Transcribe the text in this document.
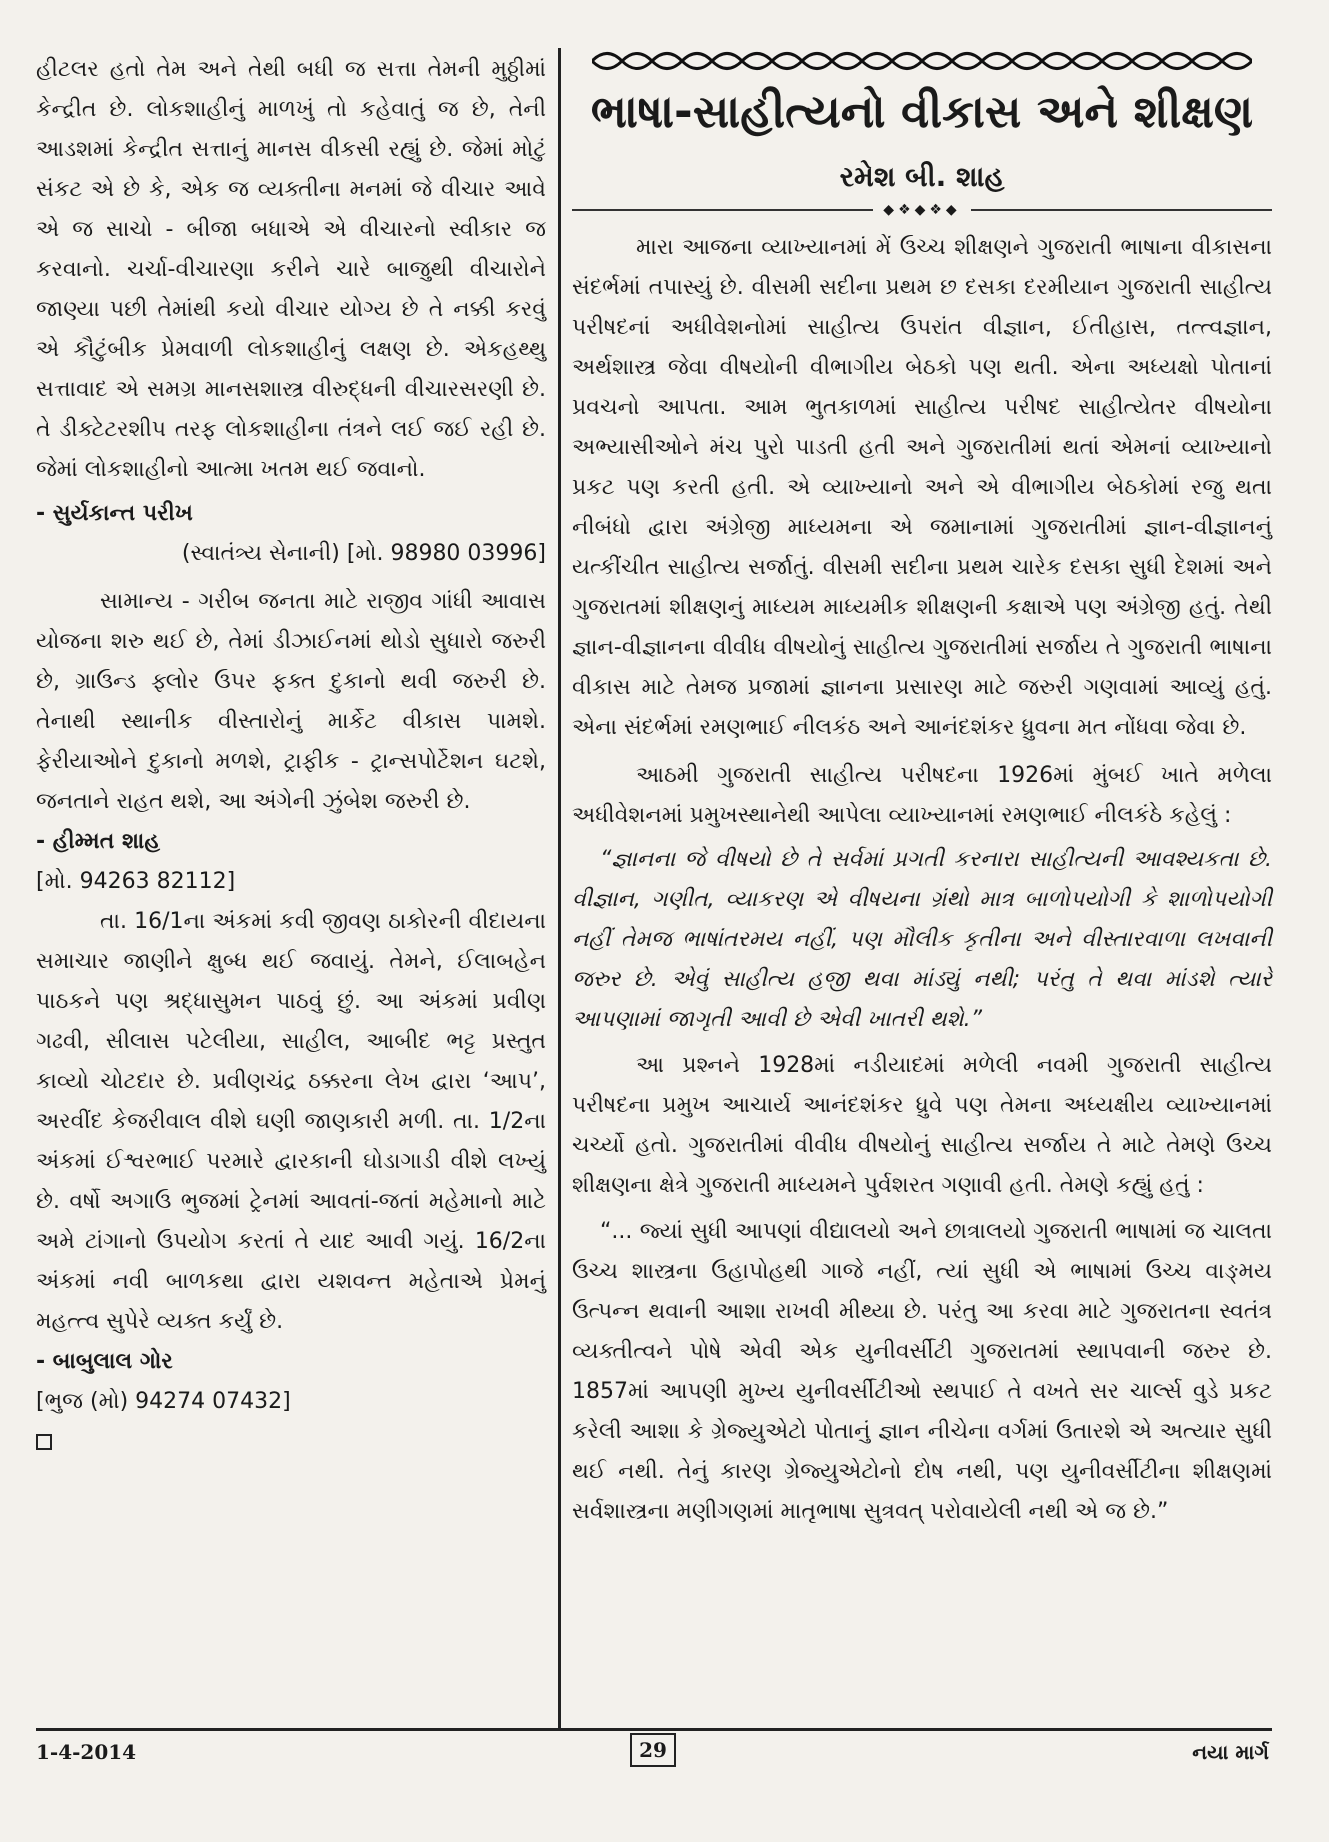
હીટલર હતો તેમ અને તેથી બધી જ સત્તા તેમની મુઠ્ઠીમાં કેન્દ્રીત છે. લોકશાહીનું માળખું તો કહેવાતું જ છે, તેની આડશમાં કેન્દ્રીત સત્તાનું માનસ વીકસી રહ્યું છે. જેમાં મોટું સંકટ એ છે કે, એક જ વ્યક્તીના મનમાં જે વીચાર આવે એ જ સાચો - બીજા બધાએ એ વીચારનો સ્વીકાર જ કરવાનો. ચર્ચા-વીચારણા કરીને ચારે બાજુથી વીચારોને જાણ્યા પછી તેમાંથી કયો વીચાર યોગ્ય છે તે નક્કી કરવું એ કૌટુંબીક પ્રેમવાળી લોકશાહીનું લક્ષણ છે. એકહથ્થુ સત્તાવાદ એ સમગ્ર માનસશાસ્ત્ર વીરુદ્ધની વીચારસરણી છે. તે ડીક્ટેટરશીપ તરફ લોકશાહીના તંત્રને લઈ જઈ રહી છે. જેમાં લોકશાહીનો આત્મા ખતમ થઈ જવાનો.

- સુર્યકાન્ત પરીખ

(સ્વાતંત્ર્ય સેનાની) [મો. 98980 03996]

સામાન્ય - ગરીબ જનતા માટે રાજીવ ગાંધી આવાસ યોજના શરુ થઈ છે, તેમાં ડીઝાઈનમાં થોડો સુધારો જરુરી છે, ગ્રાઉન્ડ ફ્લોર ઉપર ફક્ત દુકાનો થવી જરુરી છે. તેનાથી સ્થાનીક વીસ્તારોનું માર્કેટ વીકાસ પામશે. ફેરીયાઓને દુકાનો મળશે, ટ્રાફીક - ટ્રાન્સપોર્ટેશન ઘટશે, જનતાને રાહત થશે, આ અંગેની ઝુંબેશ જરુરી છે.

- હીમ્મત શાહ

[મો. 94263 82112]

તા. 16/1ના અંકમાં કવી જીવણ ઠાકોરની વીદાયના સમાચાર જાણીને ક્ષુબ્ધ થઈ જવાયું. તેમને, ઈલાબહેન પાઠકને પણ શ્રદ્ધાસુમન પાઠવું છું. આ અંકમાં પ્રવીણ ગઢવી, સીલાસ પટેલીયા, સાહીલ, આબીદ ભટ્ટ પ્રસ્તુત કાવ્યો ચોટદાર છે. પ્રવીણચંદ્ર ઠક્કરના લેખ દ્વારા ‘આપ’, અરવીંદ કેજરીવાલ વીશે ઘણી જાણકારી મળી. તા. 1/2ના અંકમાં ઈશ્વરભાઈ પરમારે દ્વારકાની ઘોડાગાડી વીશે લખ્યું છે. વર્ષો અગાઉ ભુજમાં ટ્રેનમાં આવતાં-જતાં મહેમાનો માટે અમે ટાંગાનો ઉપયોગ કરતાં તે યાદ આવી ગયું. 16/2ના અંકમાં નવી બાળકથા દ્વારા યશવન્ત મહેતાએ પ્રેમનું મહત્ત્વ સુપેરે વ્યક્ત કર્યું છે.

- બાબુલાલ ગોર

[ભુજ (મો) 94274 07432]

ભાષા-સાહીત્યનો વીકાસ અને શીક્ષણ
રમેશ બી. શાહ
◆❖◆❖◆

મારા આજના વ્યાખ્યાનમાં મેં ઉચ્ચ શીક્ષણને ગુજરાતી ભાષાના વીકાસના સંદર્ભમાં તપાસ્યું છે. વીસમી સદીના પ્રથમ છ દસકા દરમીયાન ગુજરાતી સાહીત્ય પરીષદનાં અધીવેશનોમાં સાહીત્ય ઉપરાંત વીજ્ઞાન, ઈતીહાસ, તત્ત્વજ્ઞાન, અર્થશાસ્ત્ર જેવા વીષયોની વીભાગીય બેઠકો પણ થતી. એના અધ્યક્ષો પોતાનાં પ્રવચનો આપતા. આમ ભુતકાળમાં સાહીત્ય પરીષદ સાહીત્યેતર વીષયોના અભ્યાસીઓને મંચ પુરો પાડતી હતી અને ગુજરાતીમાં થતાં એમનાં વ્યાખ્યાનો પ્રકટ પણ કરતી હતી. એ વ્યાખ્યાનો અને એ વીભાગીય બેઠકોમાં રજુ થતા નીબંધો દ્વારા અંગ્રેજી માધ્યમના એ જમાનામાં ગુજરાતીમાં જ્ઞાન-વીજ્ઞાનનું યત્કીંચીત સાહીત્ય સર્જાતું. વીસમી સદીના પ્રથમ ચારેક દસકા સુધી દેશમાં અને ગુજરાતમાં શીક્ષણનું માધ્યમ માધ્યમીક શીક્ષણની કક્ષાએ પણ અંગ્રેજી હતું. તેથી જ્ઞાન-વીજ્ઞાનના વીવીધ વીષયોનું સાહીત્ય ગુજરાતીમાં સર્જાય તે ગુજરાતી ભાષાના વીકાસ માટે તેમજ પ્રજામાં જ્ઞાનના પ્રસારણ માટે જરુરી ગણવામાં આવ્યું હતું. એના સંદર્ભમાં રમણભાઈ નીલકંઠ અને આનંદશંકર ધ્રુવના મત નોંધવા જેવા છે.

આઠમી ગુજરાતી સાહીત્ય પરીષદના 1926માં મુંબઈ ખાતે મળેલા અધીવેશનમાં પ્રમુખસ્થાનેથી આપેલા વ્યાખ્યાનમાં રમણભાઈ નીલકંઠે કહેલું :

“જ્ઞાનના જે વીષયો છે તે સર્વમાં પ્રગતી કરનારા સાહીત્યની આવશ્યકતા છે. વીજ્ઞાન, ગણીત, વ્યાકરણ એ વીષયના ગ્રંથો માત્ર બાળોપયોગી કે શાળોપયોગી નહીં તેમજ ભાષાંતરમય નહીં, પણ મૌલીક કૃતીના અને વીસ્તારવાળા લખવાની જરુર છે. એવું સાહીત્ય હજી થવા માંડ્યું નથી; પરંતુ તે થવા માંડશે ત્યારે આપણામાં જાગૃતી આવી છે એવી ખાતરી થશે.”

આ પ્રશ્નને 1928માં નડીયાદમાં મળેલી નવમી ગુજરાતી સાહીત્ય પરીષદના પ્રમુખ આચાર્ય આનંદશંકર ધ્રુવે પણ તેમના અધ્યક્ષીય વ્યાખ્યાનમાં ચર્ચ્યો હતો. ગુજરાતીમાં વીવીધ વીષયોનું સાહીત્ય સર્જાય તે માટે તેમણે ઉચ્ચ શીક્ષણના ક્ષેત્રે ગુજરાતી માધ્યમને પુર્વશરત ગણાવી હતી. તેમણે કહ્યું હતું :

“... જ્યાં સુધી આપણાં વીદ્યાલયો અને છાત્રાલયો ગુજરાતી ભાષામાં જ ચાલતા ઉચ્ચ શાસ્ત્રના ઉહાપોહથી ગાજે નહીં, ત્યાં સુધી એ ભાષામાં ઉચ્ચ વાઙ્મય ઉત્પન્ન થવાની આશા રાખવી મીથ્યા છે. પરંતુ આ કરવા માટે ગુજરાતના સ્વતંત્ર વ્યક્તીત્વને પોષે એવી એક યુનીવર્સીટી ગુજરાતમાં સ્થાપવાની જરુર છે. 1857માં આપણી મુખ્ય યુનીવર્સીટીઓ સ્થપાઈ તે વખતે સર ચાર્લ્સ વુડે પ્રકટ કરેલી આશા કે ગ્રેજ્યુએટો પોતાનું જ્ઞાન નીચેના વર્ગમાં ઉતારશે એ અત્યાર સુધી થઈ નથી. તેનું કારણ ગ્રેજ્યુએટોનો દોષ નથી, પણ યુનીવર્સીટીના શીક્ષણમાં સર્વશાસ્ત્રના મણીગણમાં માતૃભાષા સુત્રવત્ પરોવાયેલી નથી એ જ છે.”

1-4-2014	29	નયા માર્ગ
